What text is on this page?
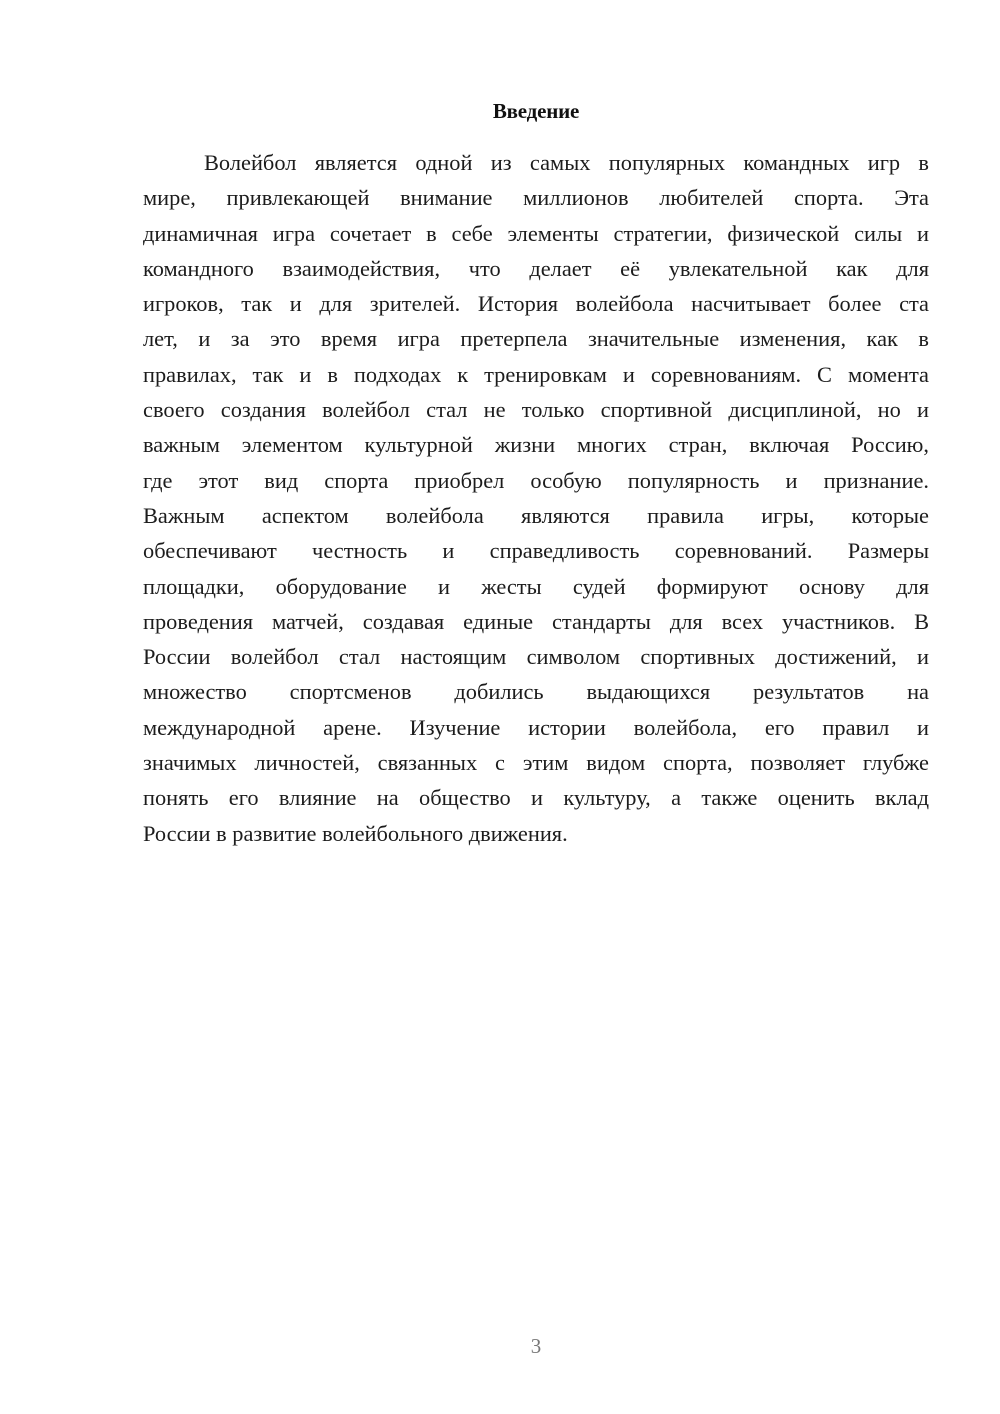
Введение
Волейбол является одной из самых популярных командных игр в
мире, привлекающей внимание миллионов любителей спорта. Эта
динамичная игра сочетает в себе элементы стратегии, физической силы и
командного взаимодействия, что делает её увлекательной как для
игроков, так и для зрителей. История волейбола насчитывает более ста
лет, и за это время игра претерпела значительные изменения, как в
правилах, так и в подходах к тренировкам и соревнованиям. С момента
своего создания волейбол стал не только спортивной дисциплиной, но и
важным элементом культурной жизни многих стран, включая Россию,
где этот вид спорта приобрел особую популярность и признание.
Важным аспектом волейбола являются правила игры, которые
обеспечивают честность и справедливость соревнований. Размеры
площадки, оборудование и жесты судей формируют основу для
проведения матчей, создавая единые стандарты для всех участников. В
России волейбол стал настоящим символом спортивных достижений, и
множество спортсменов добились выдающихся результатов на
международной арене. Изучение истории волейбола, его правил и
значимых личностей, связанных с этим видом спорта, позволяет глубже
понять его влияние на общество и культуру, а также оценить вклад
России в развитие волейбольного движения.
3
